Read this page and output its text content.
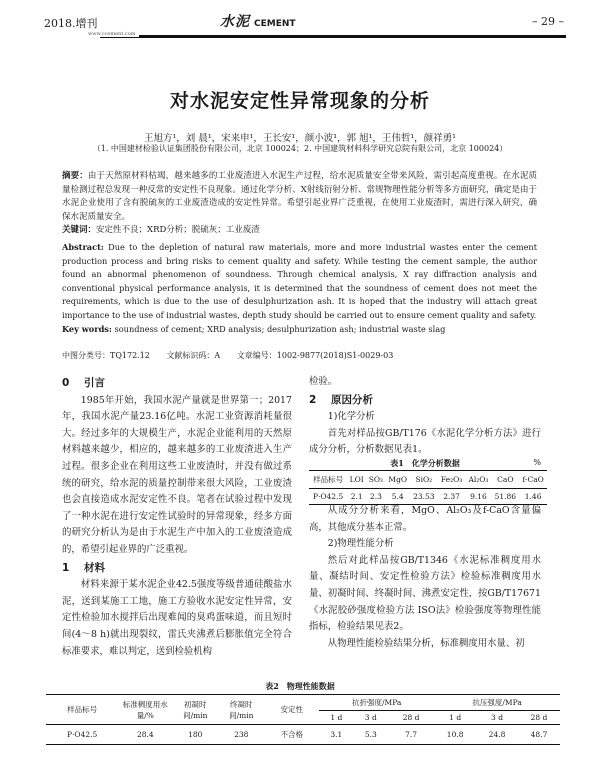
2018.增刊	水泥 CEMENT	– 29 –
www.ccement.com
对水泥安定性异常现象的分析
王旭方¹，刘 晨¹，宋来申¹，王长安¹，颜小波¹，郭 旭¹，王伟哲¹，颜祥勇¹
（1. 中国建材检验认证集团股份有限公司，北京 100024；2. 中国建筑材料科学研究总院有限公司，北京 100024）
摘要：由于天然原材料枯竭，越来越多的工业废渣进入水泥生产过程，给水泥质量安全带来风险，需引起高度重视。在水泥质量检测过程总发现一种反常的安定性不良现象。通过化学分析、X射线衍射分析、常规物理性能分析等多方面研究，确定是由于水泥企业使用了含有脱硫灰的工业废渣造成的安定性异常。希望引起业界广泛重视，在使用工业废渣时，需进行深入研究，确保水泥质量安全。
关键词：安定性不良；XRD分析；脱硫灰；工业废渣
Abstract: Due to the depletion of natural raw materials, more and more industrial wastes enter the cement production process and bring risks to cement quality and safety. While testing the cement sample, the author found an abnormal phenomenon of soundness. Through chemical analysis, X ray diffraction analysis and conventional physical performance analysis, it is determined that the soundness of cement does not meet the requirements, which is due to the use of desulphurization ash. It is hoped that the industry will attach great importance to the use of industrial wastes, depth study should be carried out to ensure cement quality and safety.
Key words: soundness of cement; XRD analysis; desulphurization ash; industrial waste slag
中图分类号：TQ172.12 文献标识码：A 文章编号：1002-9877(2018)S1-0029-03
0 引言

1985年开始，我国水泥产量就是世界第一；2017年，我国水泥产量23.16亿吨。水泥工业资源消耗量很大。经过多年的大规模生产，水泥企业能利用的天然原材料越来越少，相应的，越来越多的工业废渣进入生产过程。很多企业在利用这些工业废渣时，并没有做过系统的研究，给水泥的质量控制带来很大风险，工业废渣也会直接造成水泥安定性不良。笔者在试验过程中发现了一种水泥在进行安定性试验时的异常现象，经多方面的研究分析认为是由于水泥生产中加入的工业废渣造成的，希望引起业界的广泛重视。

1 材料

材料来源于某水泥企业42.5强度等级普通硅酸盐水泥，送到某施工工地，施工方验收水泥安定性异常，安定性检验加水搅拌后出现难闻的臭鸡蛋味道，而且短时间(4～8 h)就出现裂纹，雷氏夹沸煮后膨胀值完全符合标准要求，难以判定，送到检验机构

检验。

2 原因分析

1)化学分析

首先对样品按GB/T176《水泥化学分析方法》进行成分分析，分析数据见表1。

从成分分析来看，MgO、Al₂O₃及f-CaO含量偏高，其他成分基本正常。

2)物理性能分析

然后对此样品按GB/T1346《水泥标准稠度用水量、凝结时间、安定性检验方法》检验标准稠度用水量、初凝时间、终凝时间、沸煮安定性，按GB/T17671《水泥胶砂强度检验方法 ISO法》检验强度等物理性能指标，检验结果见表2。

从物理性能检验结果分析，标准稠度用水量、初

表1　化学分析数据	%
样品标号	LOI	SO₃	MgO	SiO₂	Fe₂O₃	Al₂O₃	CaO	f-CaO
P·O42.5	2.1	2.3	5.4	23.53	2.37	9.16	51.86	1.46
表2　物理性能数据
样品标号	标准稠度用水量/%	初凝时间/min	终凝时间/min	安定性	抗折强度/MPa			抗压强度/MPa		
					1 d	3 d	28 d	1 d	3 d	28 d
P·O42.5	28.4	180	238	不合格	3.1	5.3	7.7	10.8	24.8	48.7
